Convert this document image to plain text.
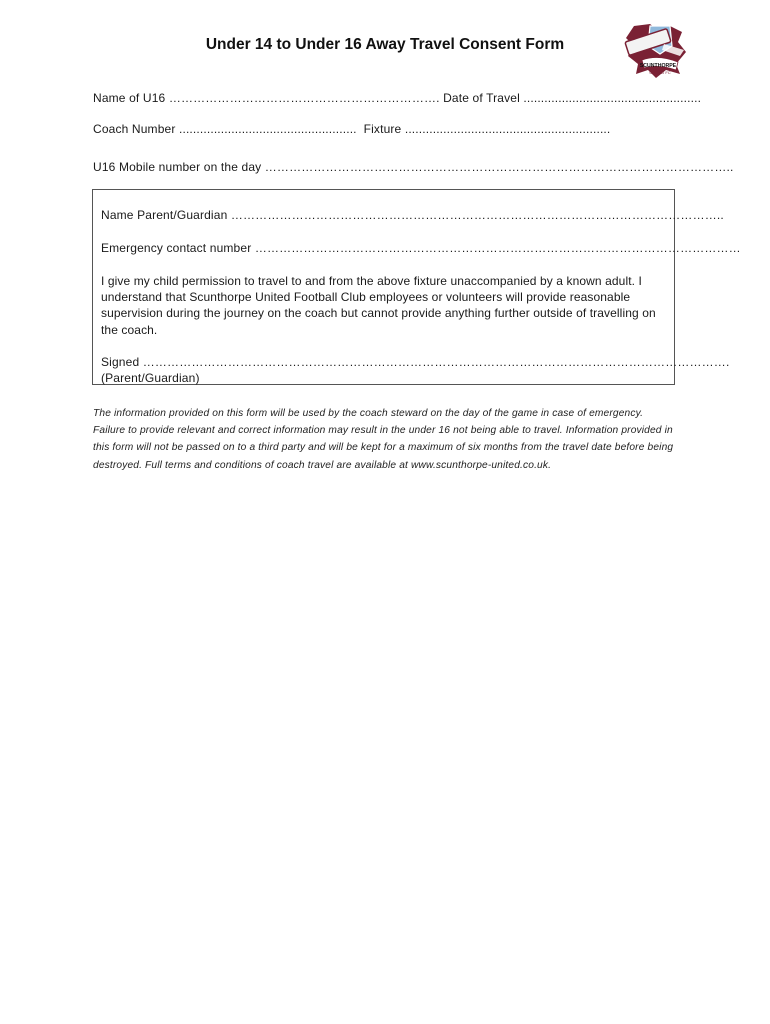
Under 14 to Under 16 Away Travel Consent Form
SCUNTHORPE
UNITED FC
Name of U16 …………………………………………………………. Date of Travel ...................................................
Coach Number ...................................................  Fixture ...........................................................
U16 Mobile number on the day ……………………………………………………………………………………………………..
Name Parent/Guardian …………………………………………………………………………………………………………..
Emergency contact number …………………………………………………………………………………………………………
I give my child permission to travel to and from the above fixture unaccompanied by a known adult. I understand that Scunthorpe United Football Club employees or volunteers will provide reasonable supervision during the journey on the coach but cannot provide anything further outside of travelling on the coach.
Signed ……………………………………………………………………………………………………………………………….
(Parent/Guardian)
The information provided on this form will be used by the coach steward on the day of the game in case of emergency. Failure to provide relevant and correct information may result in the under 16 not being able to travel. Information provided in this form will not be passed on to a third party and will be kept for a maximum of six months from the travel date before being destroyed. Full terms and conditions of coach travel are available at www.scunthorpe-united.co.uk.
